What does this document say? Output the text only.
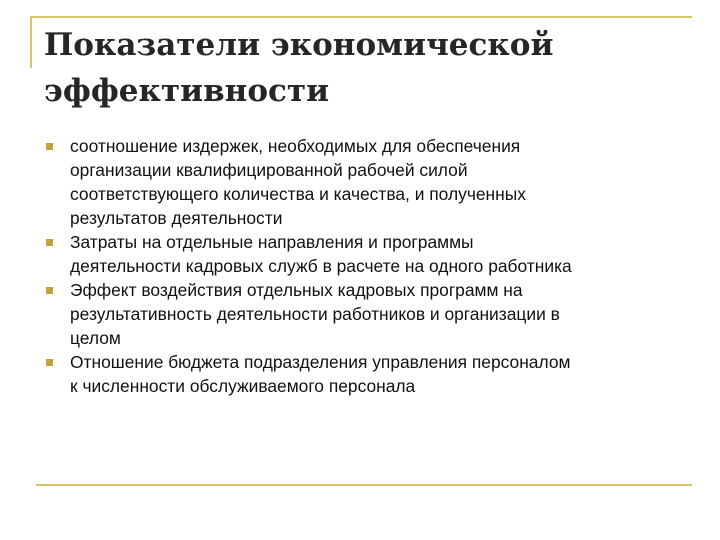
Показатели экономической
эффективности
соотношение издержек, необходимых для обеспечения
организации квалифицированной рабочей силой
соответствующего количества и качества, и полученных
результатов деятельности
Затраты на отдельные направления и программы
деятельности кадровых служб в расчете на одного работника
Эффект воздействия отдельных кадровых программ на
результативность деятельности работников и организации в
целом
Отношение бюджета подразделения управления персоналом
к численности обслуживаемого персонала
